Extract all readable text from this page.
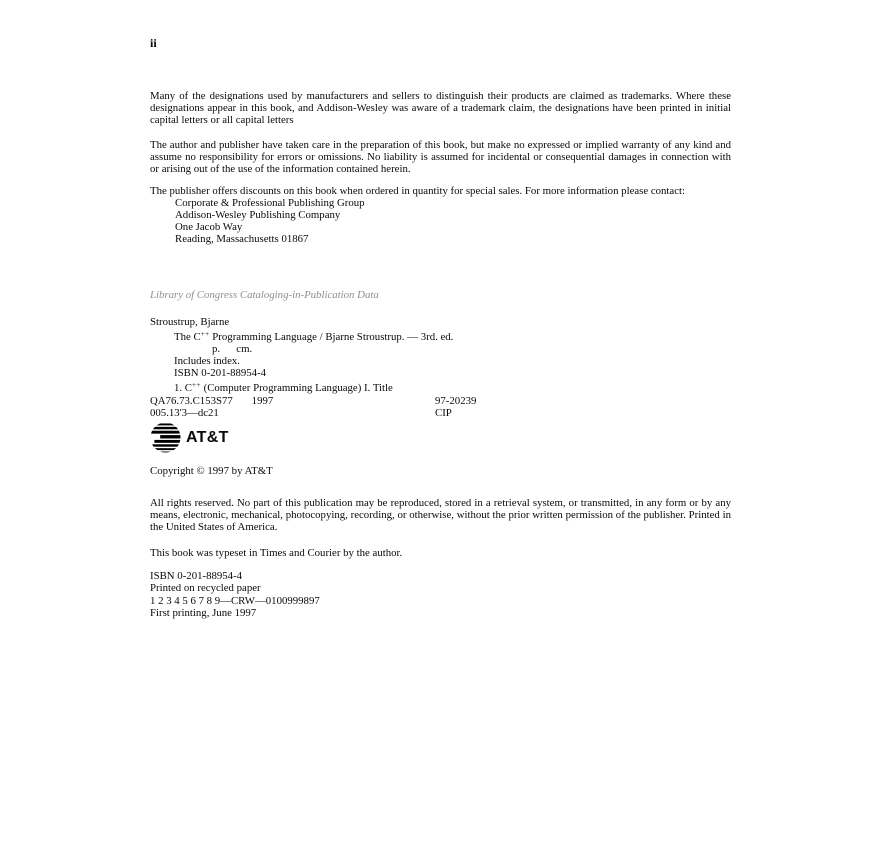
ii
Many of the designations used by manufacturers and sellers to distinguish their products are claimed as trademarks. Where these designations appear in this book, and Addison-Wesley was aware of a trademark claim, the designations have been printed in initial capital letters or all capital letters
The author and publisher have taken care in the preparation of this book, but make no expressed or implied warranty of any kind and assume no responsibility for errors or omissions. No liability is assumed for incidental or consequential damages in connection with or arising out of the use of the information contained herein.
The publisher offers discounts on this book when ordered in quantity for special sales. For more information please contact:
Corporate & Professional Publishing Group
Addison-Wesley Publishing Company
One Jacob Way
Reading, Massachusetts 01867
Library of Congress Cataloging-in-Publication Data
Stroustrup, Bjarne
The C++ Programming Language / Bjarne Stroustrup. — 3rd. ed.
p.      cm.
Includes index.
ISBN 0-201-88954-4
1. C++ (Computer Programming Language) I. Title
QA76.73.C153S77       1997	97-20239
005.13'3—dc21	CIP
AT&T
Copyright © 1997 by AT&T
All rights reserved. No part of this publication may be reproduced, stored in a retrieval system, or transmitted, in any form or by any means, electronic, mechanical, photocopying, recording, or otherwise, without the prior written permission of the publisher. Printed in the United States of America.
This book was typeset in Times and Courier by the author.
ISBN 0-201-88954-4
Printed on recycled paper
1 2 3 4 5 6 7 8 9—CRW—0100999897
First printing, June 1997
